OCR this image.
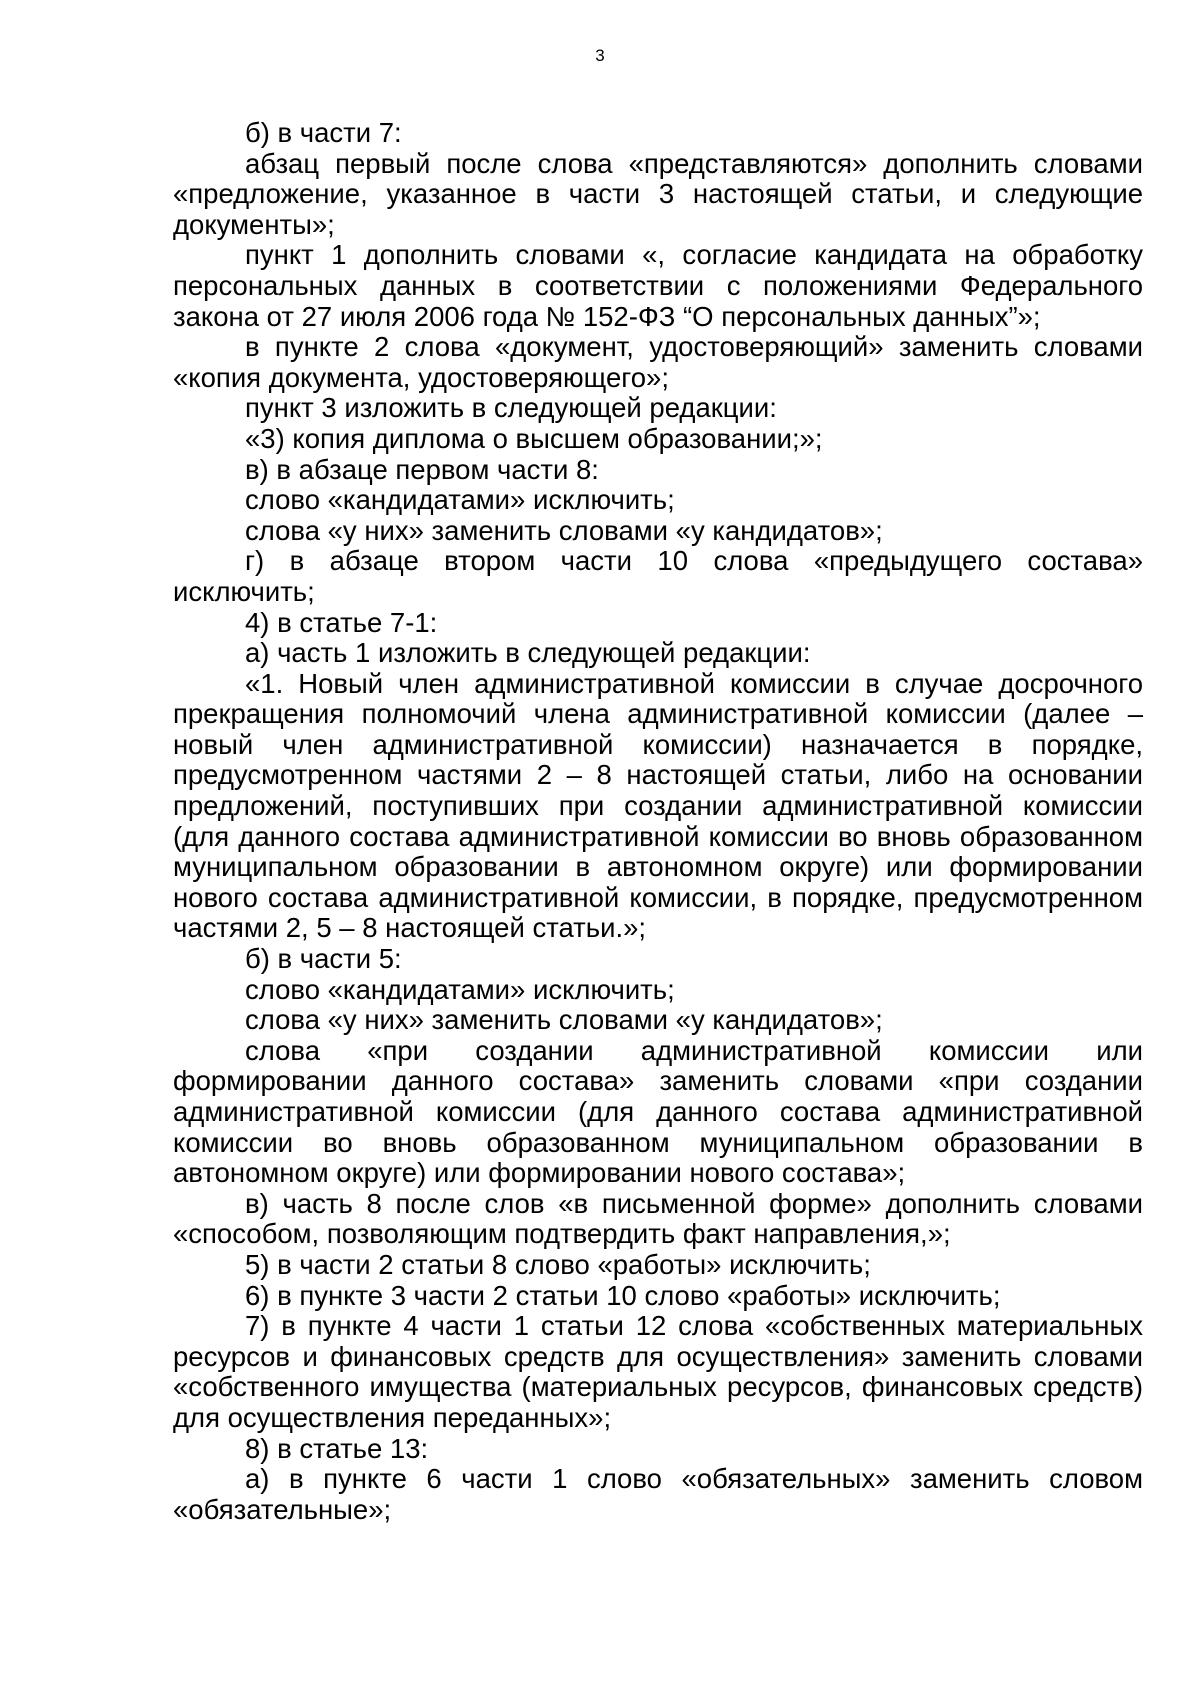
3

б) в части 7:

абзац первый после слова «представляются» дополнить словами «предложение, указанное в части 3 настоящей статьи, и следующие документы»;

пункт 1 дополнить словами «, согласие кандидата на обработку персональных данных в соответствии с положениями Федерального закона от 27 июля 2006 года № 152-ФЗ “О персональных данных”»;

в пункте 2 слова «документ, удостоверяющий» заменить словами «копия документа, удостоверяющего»;

пункт 3 изложить в следующей редакции:

«3) копия диплома о высшем образовании;»;

в) в абзаце первом части 8:

слово «кандидатами» исключить;

слова «у них» заменить словами «у кандидатов»;

г) в абзаце втором части 10 слова «предыдущего состава» исключить;

4) в статье 7-1:

а) часть 1 изложить в следующей редакции:

«1. Новый член административной комиссии в случае досрочного прекращения полномочий члена административной комиссии (далее – новый член административной комиссии) назначается в порядке, предусмотренном частями 2 – 8 настоящей статьи, либо на основании предложений, поступивших при создании административной комиссии (для данного состава административной комиссии во вновь образованном муниципальном образовании в автономном округе) или формировании нового состава административной комиссии, в порядке, предусмотренном частями 2, 5 – 8 настоящей статьи.»;

б) в части 5:

слово «кандидатами» исключить;

слова «у них» заменить словами «у кандидатов»;

слова «при создании административной комиссии или формировании данного состава» заменить словами «при создании административной комиссии (для данного состава административной комиссии во вновь образованном муниципальном образовании в автономном округе) или формировании нового состава»;

в) часть 8 после слов «в письменной форме» дополнить словами «способом, позволяющим подтвердить факт направления,»;

5) в части 2 статьи 8 слово «работы» исключить;

6) в пункте 3 части 2 статьи 10 слово «работы» исключить;

7) в пункте 4 части 1 статьи 12 слова «собственных материальных ресурсов и финансовых средств для осуществления» заменить словами «собственного имущества (материальных ресурсов, финансовых средств) для осуществления переданных»;

8) в статье 13:

а) в пункте 6 части 1 слово «обязательных» заменить словом «обязательные»;
